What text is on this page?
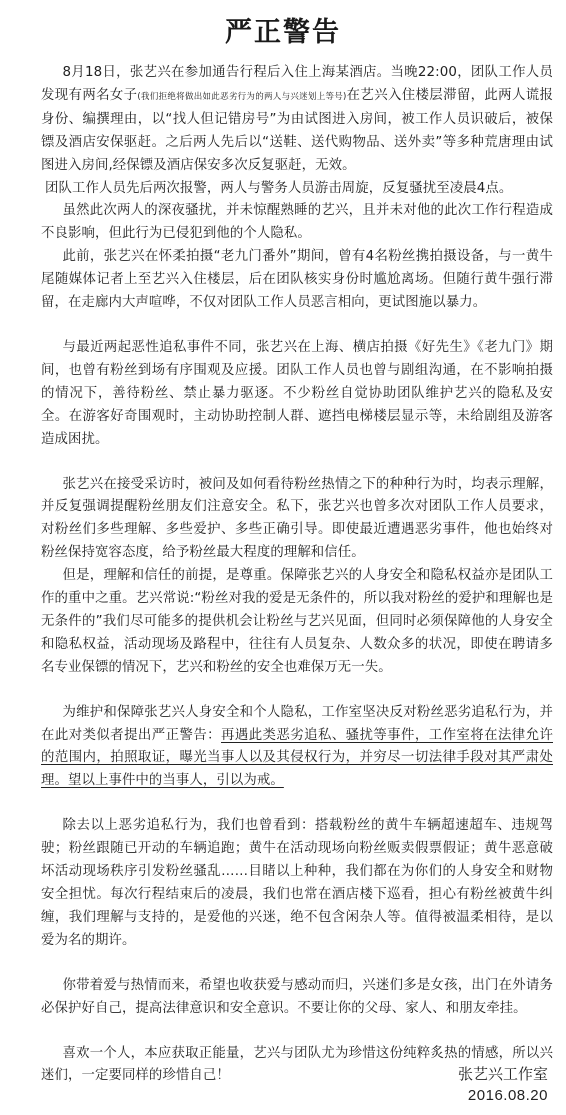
严正警告

8月18日，张艺兴在参加通告行程后入住上海某酒店。当晚22:00，团队工作人员发现有两名女子(我们拒绝将做出如此恶劣行为的两人与兴迷划上等号)在艺兴入住楼层滞留，此两人谎报身份、编撰理由，以“找人但记错房号”为由试图进入房间，被工作人员识破后，被保镖及酒店安保驱赶。之后两人先后以“送鞋、送代购物品、送外卖”等多种荒唐理由试图进入房间,经保镖及酒店保安多次反复驱赶，无效。

团队工作人员先后两次报警，两人与警务人员游击周旋，反复骚扰至凌晨4点。

虽然此次两人的深夜骚扰，并未惊醒熟睡的艺兴，且并未对他的此次工作行程造成不良影响，但此行为已侵犯到他的个人隐私。

此前，张艺兴在怀柔拍摄“老九门番外”期间，曾有4名粉丝携拍摄设备，与一黄牛尾随媒体记者上至艺兴入住楼层，后在团队核实身份时尴尬离场。但随行黄牛强行滞留，在走廊内大声喧哗，不仅对团队工作人员恶言相向，更试图施以暴力。

与最近两起恶性追私事件不同，张艺兴在上海、横店拍摄《好先生》《老九门》期间，也曾有粉丝到场有序围观及应援。团队工作人员也曾与剧组沟通，在不影响拍摄的情况下，善待粉丝、禁止暴力驱逐。不少粉丝自觉协助团队维护艺兴的隐私及安全。在游客好奇围观时，主动协助控制人群、遮挡电梯楼层显示等，未给剧组及游客造成困扰。

张艺兴在接受采访时，被问及如何看待粉丝热情之下的种种行为时，均表示理解，并反复强调提醒粉丝朋友们注意安全。私下，张艺兴也曾多次对团队工作人员要求，对粉丝们多些理解、多些爱护、多些正确引导。即使最近遭遇恶劣事件，他也始终对粉丝保持宽容态度，给予粉丝最大程度的理解和信任。

但是，理解和信任的前提，是尊重。保障张艺兴的人身安全和隐私权益亦是团队工作的重中之重。艺兴常说:“粉丝对我的爱是无条件的，所以我对粉丝的爱护和理解也是无条件的”我们尽可能多的提供机会让粉丝与艺兴见面，但同时必须保障他的人身安全和隐私权益，活动现场及路程中，往往有人员复杂、人数众多的状况，即使在聘请多名专业保镖的情况下，艺兴和粉丝的安全也难保万无一失。

为维护和保障张艺兴人身安全和个人隐私，工作室坚决反对粉丝恶劣追私行为，并在此对类似者提出严正警告：再遇此类恶劣追私、骚扰等事件，工作室将在法律允许的范围内，拍照取证，曝光当事人以及其侵权行为，并穷尽一切法律手段对其严肃处理。望以上事件中的当事人，引以为戒。

除去以上恶劣追私行为，我们也曾看到：搭载粉丝的黄牛车辆超速超车、违规驾驶；粉丝跟随已开动的车辆追跑；黄牛在活动现场向粉丝贩卖假票假证；黄牛恶意破坏活动现场秩序引发粉丝骚乱……目睹以上种种，我们都在为你们的人身安全和财物安全担忧。每次行程结束后的凌晨，我们也常在酒店楼下巡看，担心有粉丝被黄牛纠缠，我们理解与支持的，是爱他的兴迷，绝不包含闲杂人等。值得被温柔相待，是以爱为名的期许。

你带着爱与热情而来，希望也收获爱与感动而归，兴迷们多是女孩，出门在外请务必保护好自己，提高法律意识和安全意识。不要让你的父母、家人、和朋友牵挂。

喜欢一个人，本应获取正能量，艺兴与团队尤为珍惜这份纯粹炙热的情感，所以兴迷们，一定要同样的珍惜自己！	张艺兴工作室
2016.08.20
